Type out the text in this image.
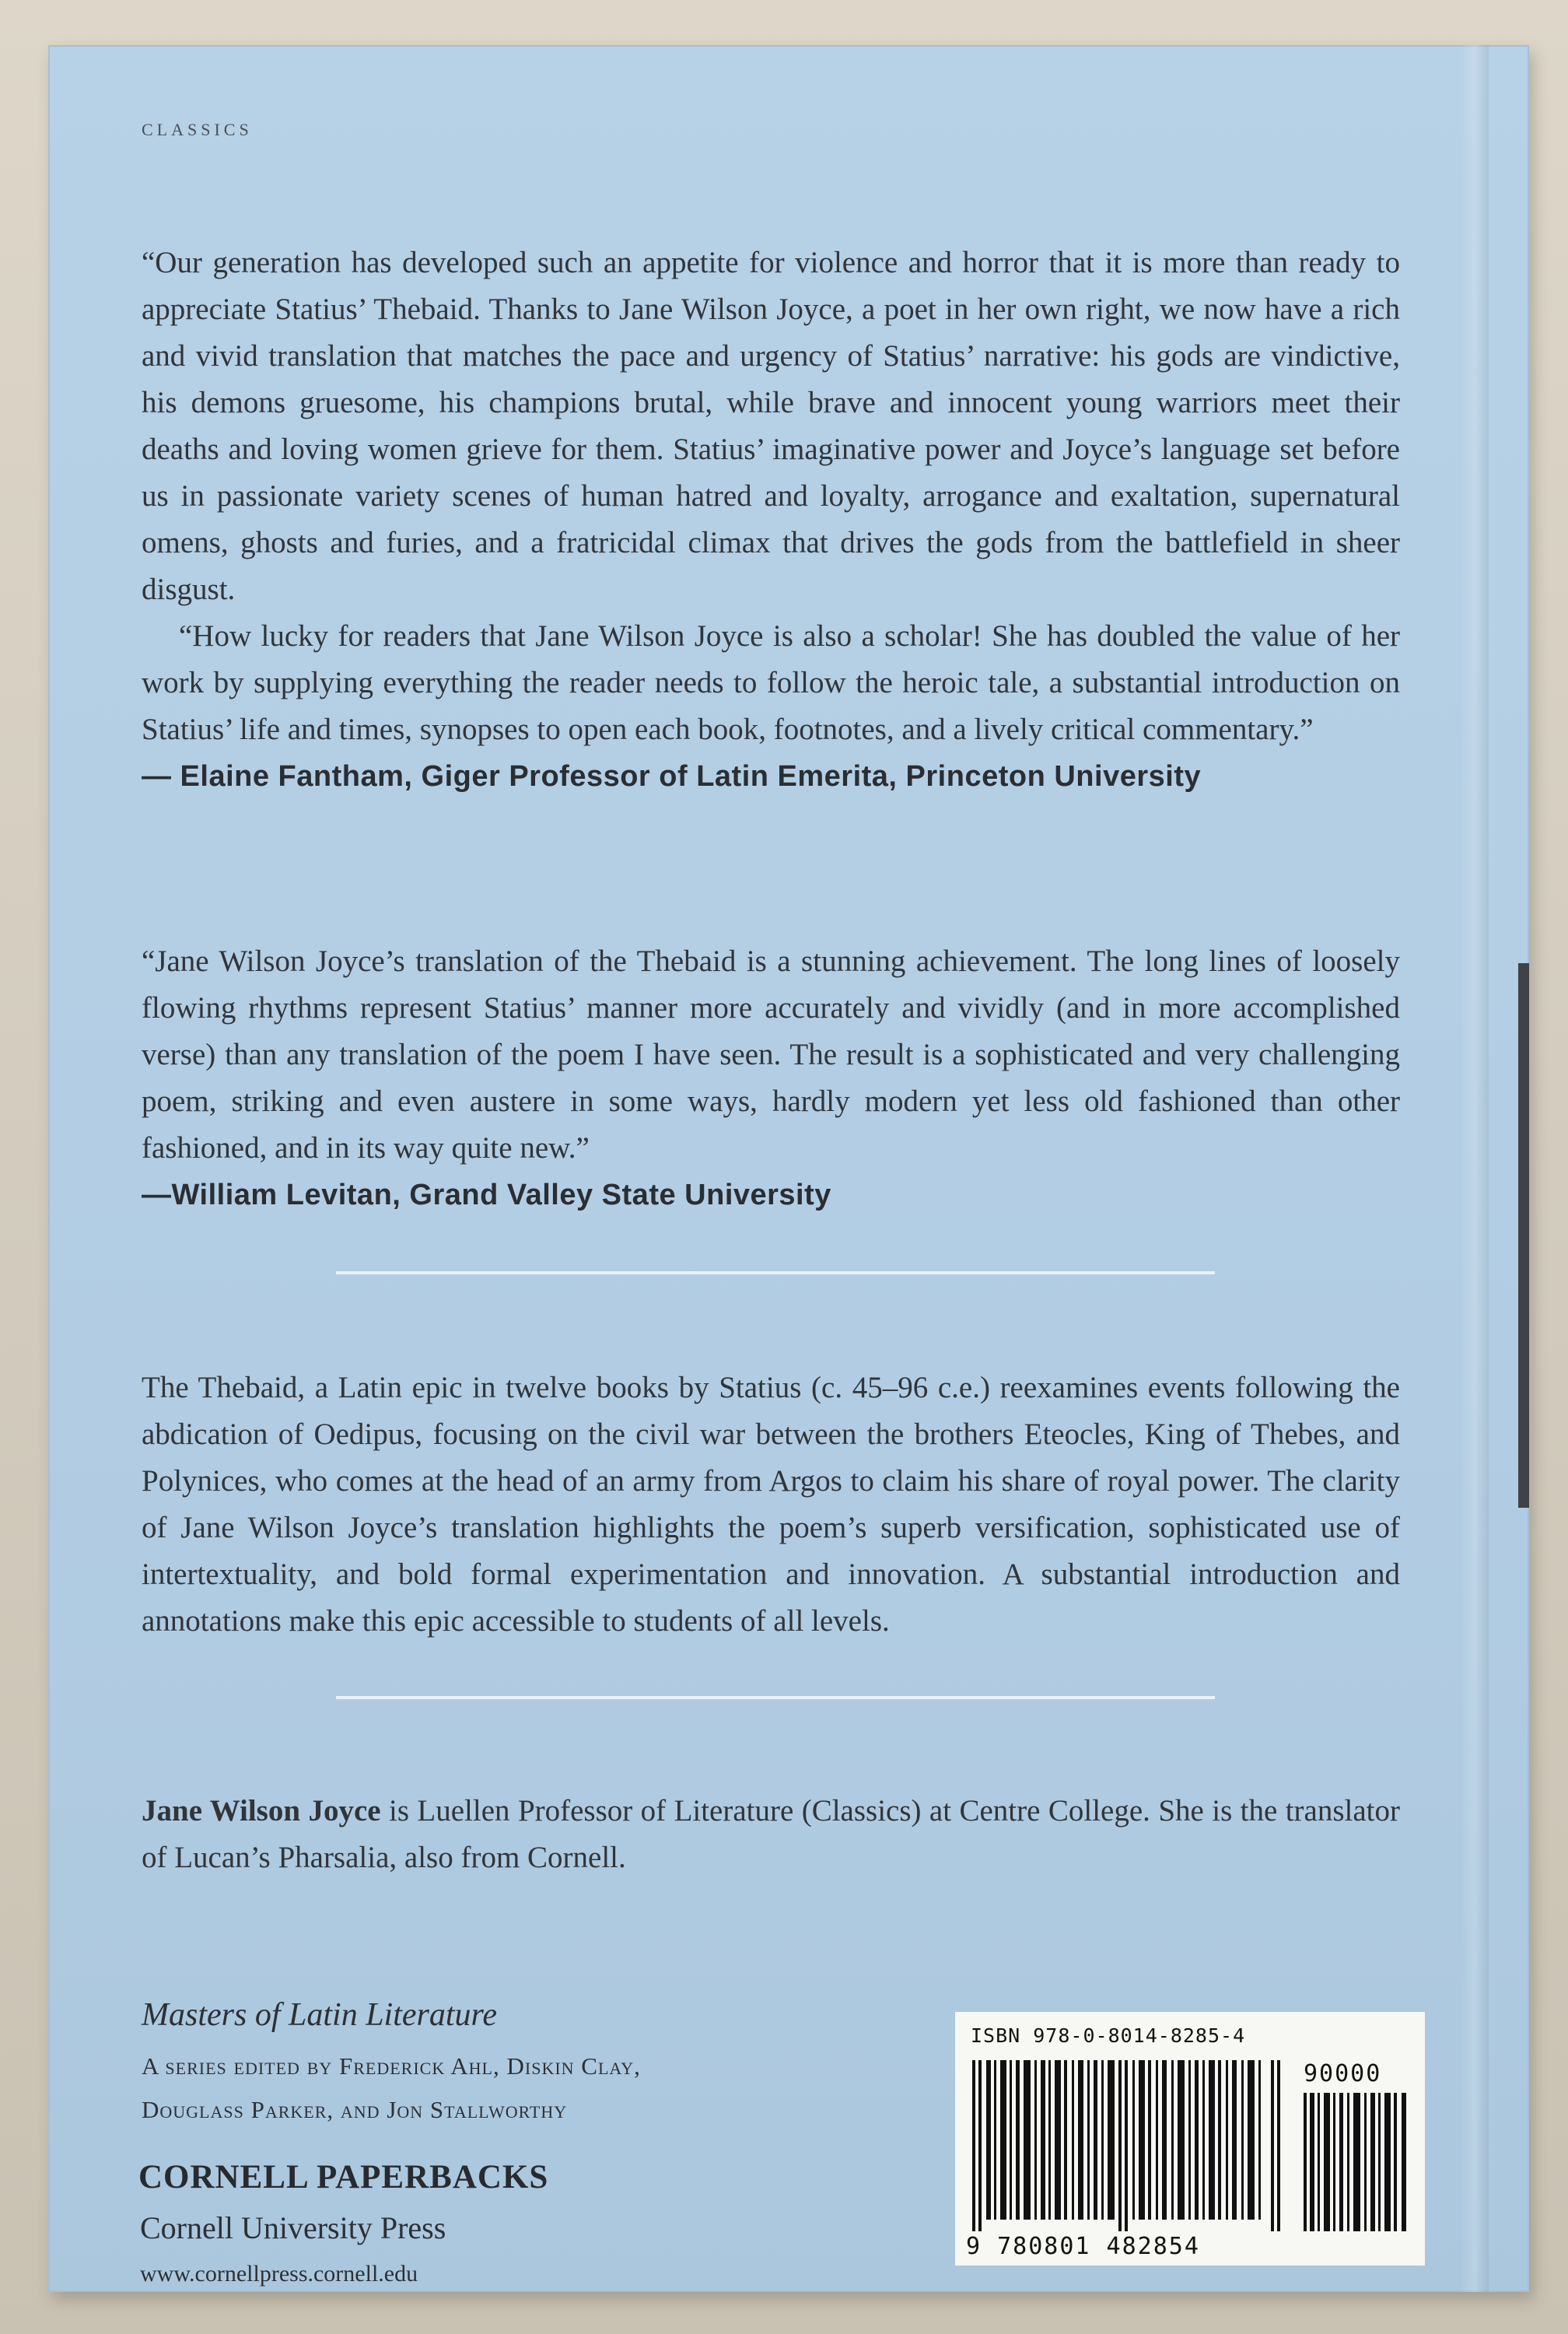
CLASSICS

“Our generation has developed such an appetite for violence and horror that it is more than ready to appreciate Statius’ Thebaid. Thanks to Jane Wilson Joyce, a poet in her own right, we now have a rich and vivid translation that matches the pace and urgency of Statius’ narrative: his gods are vindictive, his demons gruesome, his champions brutal, while brave and innocent young warriors meet their deaths and loving women grieve for them. Statius’ imaginative power and Joyce’s language set before us in passionate variety scenes of human hatred and loyalty, arrogance and exaltation, supernatural omens, ghosts and furies, and a fratricidal climax that drives the gods from the battlefield in sheer disgust.

“How lucky for readers that Jane Wilson Joyce is also a scholar! She has doubled the value of her work by supplying everything the reader needs to follow the heroic tale, a substantial introduction on Statius’ life and times, synopses to open each book, footnotes, and a lively critical commentary.”

— Elaine Fantham, Giger Professor of Latin Emerita, Princeton University

“Jane Wilson Joyce’s translation of the Thebaid is a stunning achievement. The long lines of loosely flowing rhythms represent Statius’ manner more accurately and vividly (and in more accomplished verse) than any translation of the poem I have seen. The result is a sophisticated and very challenging poem, striking and even austere in some ways, hardly modern yet less old fashioned than other fashioned, and in its way quite new.”

—William Levitan, Grand Valley State University

The Thebaid, a Latin epic in twelve books by Statius (c. 45–96 c.e.) reexamines events following the abdication of Oedipus, focusing on the civil war between the brothers Eteocles, King of Thebes, and Polynices, who comes at the head of an army from Argos to claim his share of royal power. The clarity of Jane Wilson Joyce’s translation highlights the poem’s superb versification, sophisticated use of intertextuality, and bold formal experimentation and innovation. A substantial introduction and annotations make this epic accessible to students of all levels.

Jane Wilson Joyce is Luellen Professor of Literature (Classics) at Centre College. She is the translator of Lucan’s Pharsalia, also from Cornell.

Masters of Latin Literature
A series edited by Frederick Ahl, Diskin Clay,
Douglass Parker, and Jon Stallworthy
CORNELL PAPERBACKS
Cornell University Press
www.cornellpress.cornell.edu
ISBN 978-0-8014-8285-4
90000
9 780801 482854
